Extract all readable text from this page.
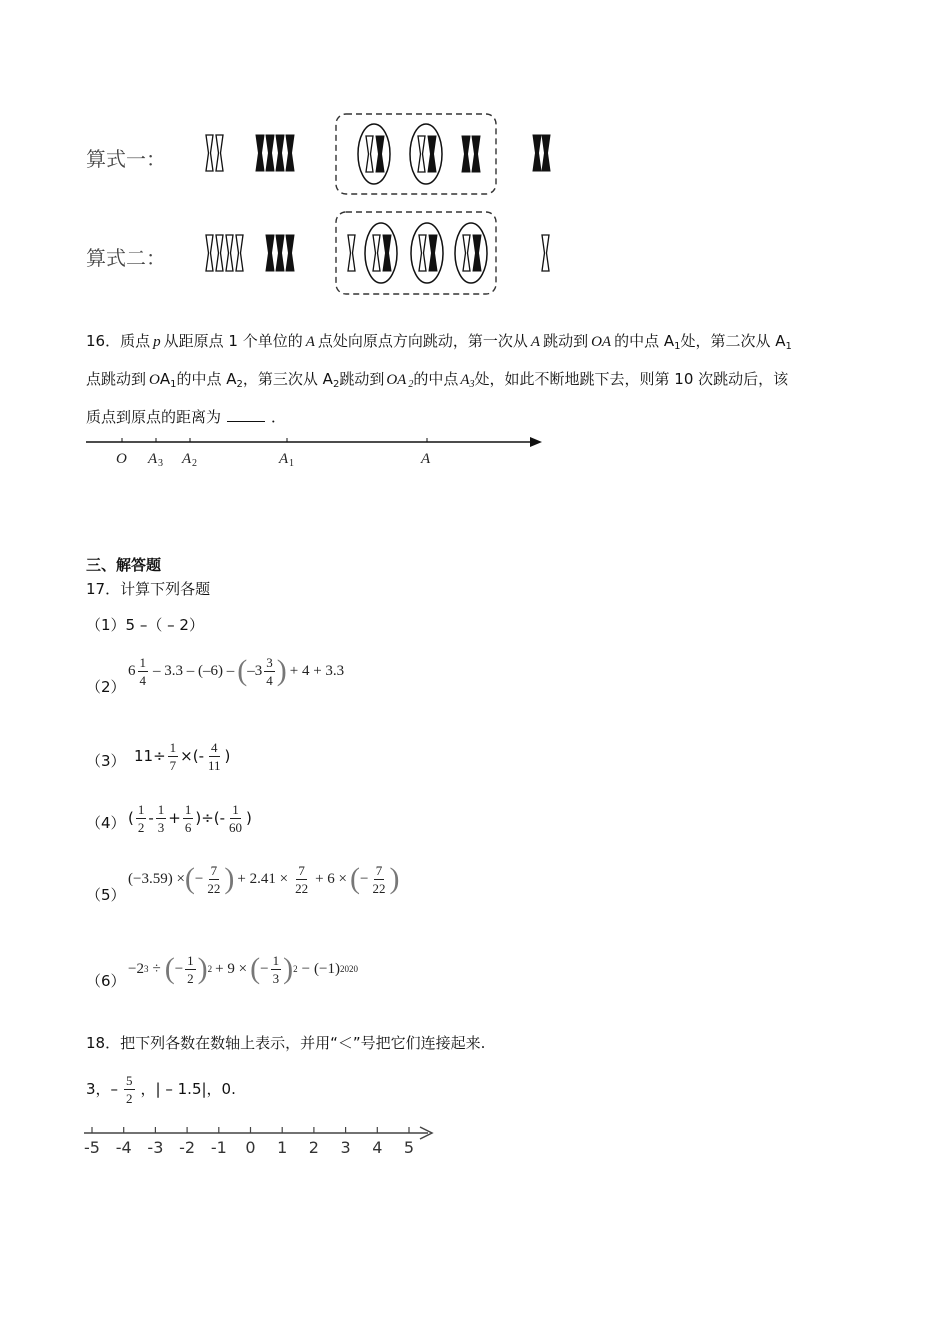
算式一：
算式二：
16．质点 p 从距原点 1 个单位的 A 点处向原点方向跳动，第一次从 A 跳动到 OA 的中点 $A_1$处，第二次从 $A_1$
点跳动到 $OA_1$的中点 $A_2$，第三次从 $A_2$跳动到 OA $_2$的中点 $A_3$处，如此不断地跳下去，则第 10 次跳动后，该
质点到原点的距离为	．
O A 3 A 2	A 1	A
三、解答题
17．计算下列各题
（1）5 –（ – 2）
（2）
$6 \frac{1}{4} - 3.3 - (-6)$ – ( $-3 \frac{3}{4}$ ) + 4 + 3.3
（3） $11\div \frac{1}{7}$ ×(- $\frac{4}{11}$ )
（4） ( $\frac{1}{2} - \frac{1}{3} + \frac{1}{6}$ )÷(- $\frac{1}{60}$ )
（5）
(−3.59) × ( − $\frac{7}{22}$ ) + $2.41 \times \frac{7}{22} + 6$ × ( − $\frac{7}{22}$ )
（6）
−2 3 ÷ ( − $\frac{1}{2}$ ) 2 + 9 × ( − $\frac{1}{3}$ ) 2 − (−1) 2020
18．把下列各数在数轴上表示，并用“＜”号把它们连接起来.
3，– $\frac{5}{2}$ ，| – 1.5|，0.
-5 -4 -3 -2 -1 0 1 2 3 4 5
